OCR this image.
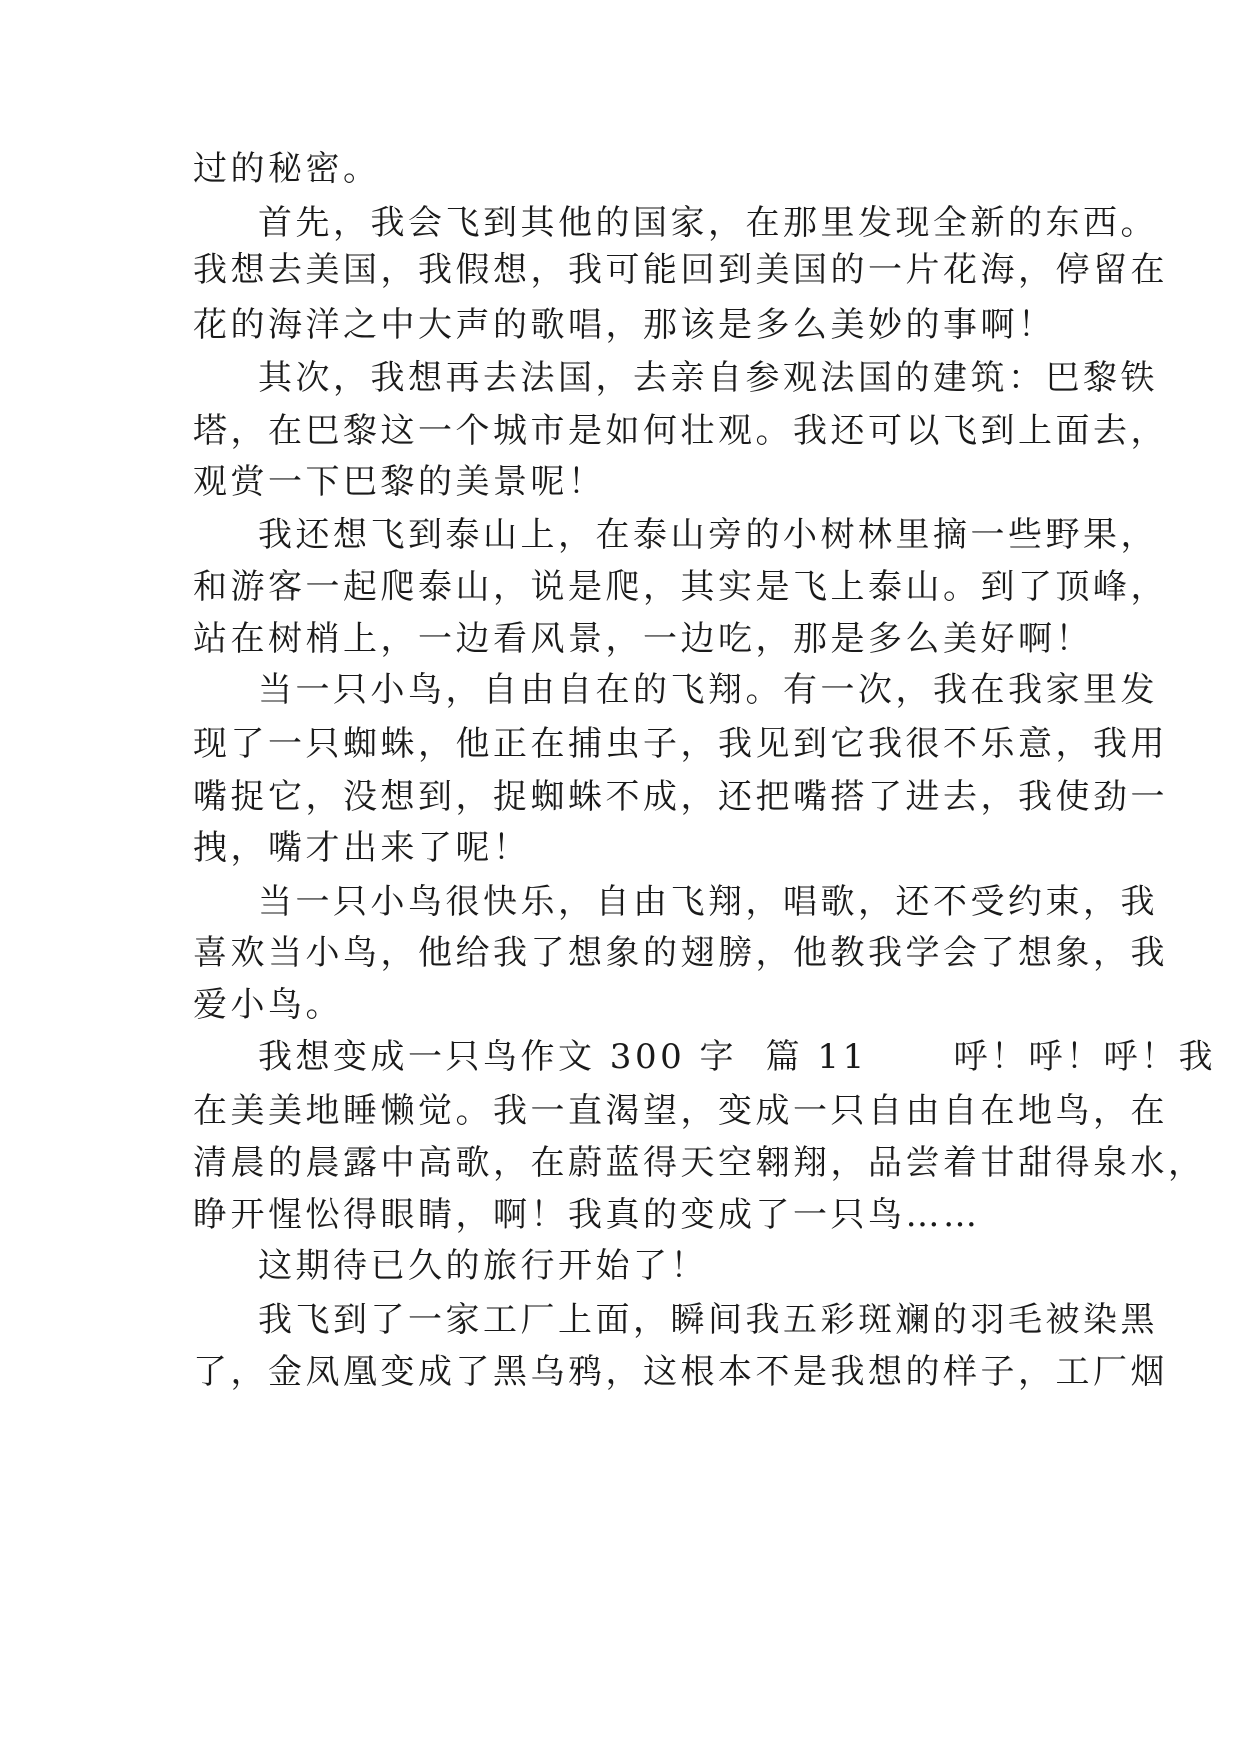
过的秘密。
首先，我会飞到其他的国家，在那里发现全新的东西。
我想去美国，我假想，我可能回到美国的一片花海，停留在
花的海洋之中大声的歌唱，那该是多么美妙的事啊！
其次，我想再去法国，去亲自参观法国的建筑：巴黎铁
塔，在巴黎这一个城市是如何壮观。我还可以飞到上面去，
观赏一下巴黎的美景呢！
我还想飞到泰山上，在泰山旁的小树林里摘一些野果，
和游客一起爬泰山，说是爬，其实是飞上泰山。到了顶峰，
站在树梢上，一边看风景，一边吃，那是多么美好啊！
当一只小鸟，自由自在的飞翔。有一次，我在我家里发
现了一只蜘蛛，他正在捕虫子，我见到它我很不乐意，我用
嘴捉它，没想到，捉蜘蛛不成，还把嘴搭了进去，我使劲一
拽，嘴才出来了呢！
当一只小鸟很快乐，自由飞翔，唱歌，还不受约束，我
喜欢当小鸟，他给我了想象的翅膀，他教我学会了想象，我
爱小鸟。
我想变成一只鸟作文 300 字  篇 11      呼！呼！呼！我
在美美地睡懒觉。我一直渴望，变成一只自由自在地鸟，在
清晨的晨露中高歌，在蔚蓝得天空翱翔，品尝着甘甜得泉水，
睁开惺忪得眼睛，啊！我真的变成了一只鸟……
这期待已久的旅行开始了！
我飞到了一家工厂上面，瞬间我五彩斑斓的羽毛被染黑
了，金凤凰变成了黑乌鸦，这根本不是我想的样子，工厂烟
